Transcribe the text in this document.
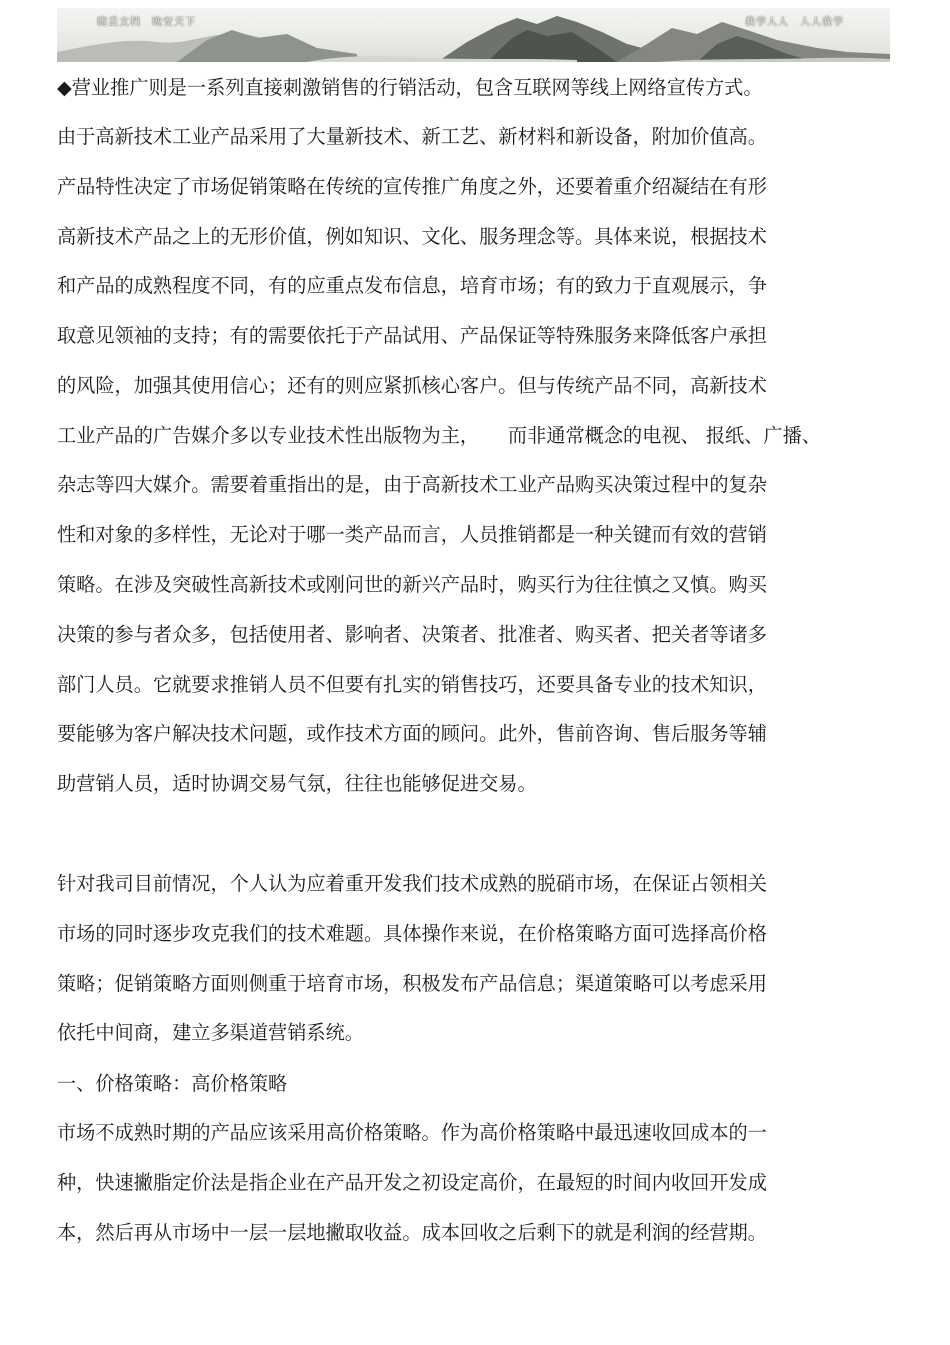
晓丢文档　晚安天下	我学人人　人人我学
◆营业推广则是一系列直接刺激销售的行销活动，包含互联网等线上网络宣传方式。
由于高新技术工业产品采用了大量新技术、新工艺、新材料和新设备，附加价值高。
产品特性决定了市场促销策略在传统的宣传推广角度之外，还要着重介绍凝结在有形
高新技术产品之上的无形价值，例如知识、文化、服务理念等。具体来说，根据技术
和产品的成熟程度不同，有的应重点发布信息，培育市场；有的致力于直观展示，争
取意见领袖的支持；有的需要依托于产品试用、产品保证等特殊服务来降低客户承担
的风险，加强其使用信心；还有的则应紧抓核心客户。但与传统产品不同，高新技术
工业产品的广告媒介多以专业技术性出版物为主，　　而非通常概念的电视、 报纸、广播、
杂志等四大媒介。需要着重指出的是，由于高新技术工业产品购买决策过程中的复杂
性和对象的多样性，无论对于哪一类产品而言，人员推销都是一种关键而有效的营销
策略。在涉及突破性高新技术或刚问世的新兴产品时，购买行为往往慎之又慎。购买
决策的参与者众多，包括使用者、影响者、决策者、批准者、购买者、把关者等诸多
部门人员。它就要求推销人员不但要有扎实的销售技巧，还要具备专业的技术知识，
要能够为客户解决技术问题，或作技术方面的顾问。此外，售前咨询、售后服务等辅
助营销人员，适时协调交易气氛，往往也能够促进交易。
针对我司目前情况，个人认为应着重开发我们技术成熟的脱硝市场，在保证占领相关
市场的同时逐步攻克我们的技术难题。具体操作来说，在价格策略方面可选择高价格
策略；促销策略方面则侧重于培育市场，积极发布产品信息；渠道策略可以考虑采用
依托中间商，建立多渠道营销系统。
一、价格策略：高价格策略
市场不成熟时期的产品应该采用高价格策略。作为高价格策略中最迅速收回成本的一
种，快速撇脂定价法是指企业在产品开发之初设定高价，在最短的时间内收回开发成
本，然后再从市场中一层一层地撇取收益。成本回收之后剩下的就是利润的经营期。
